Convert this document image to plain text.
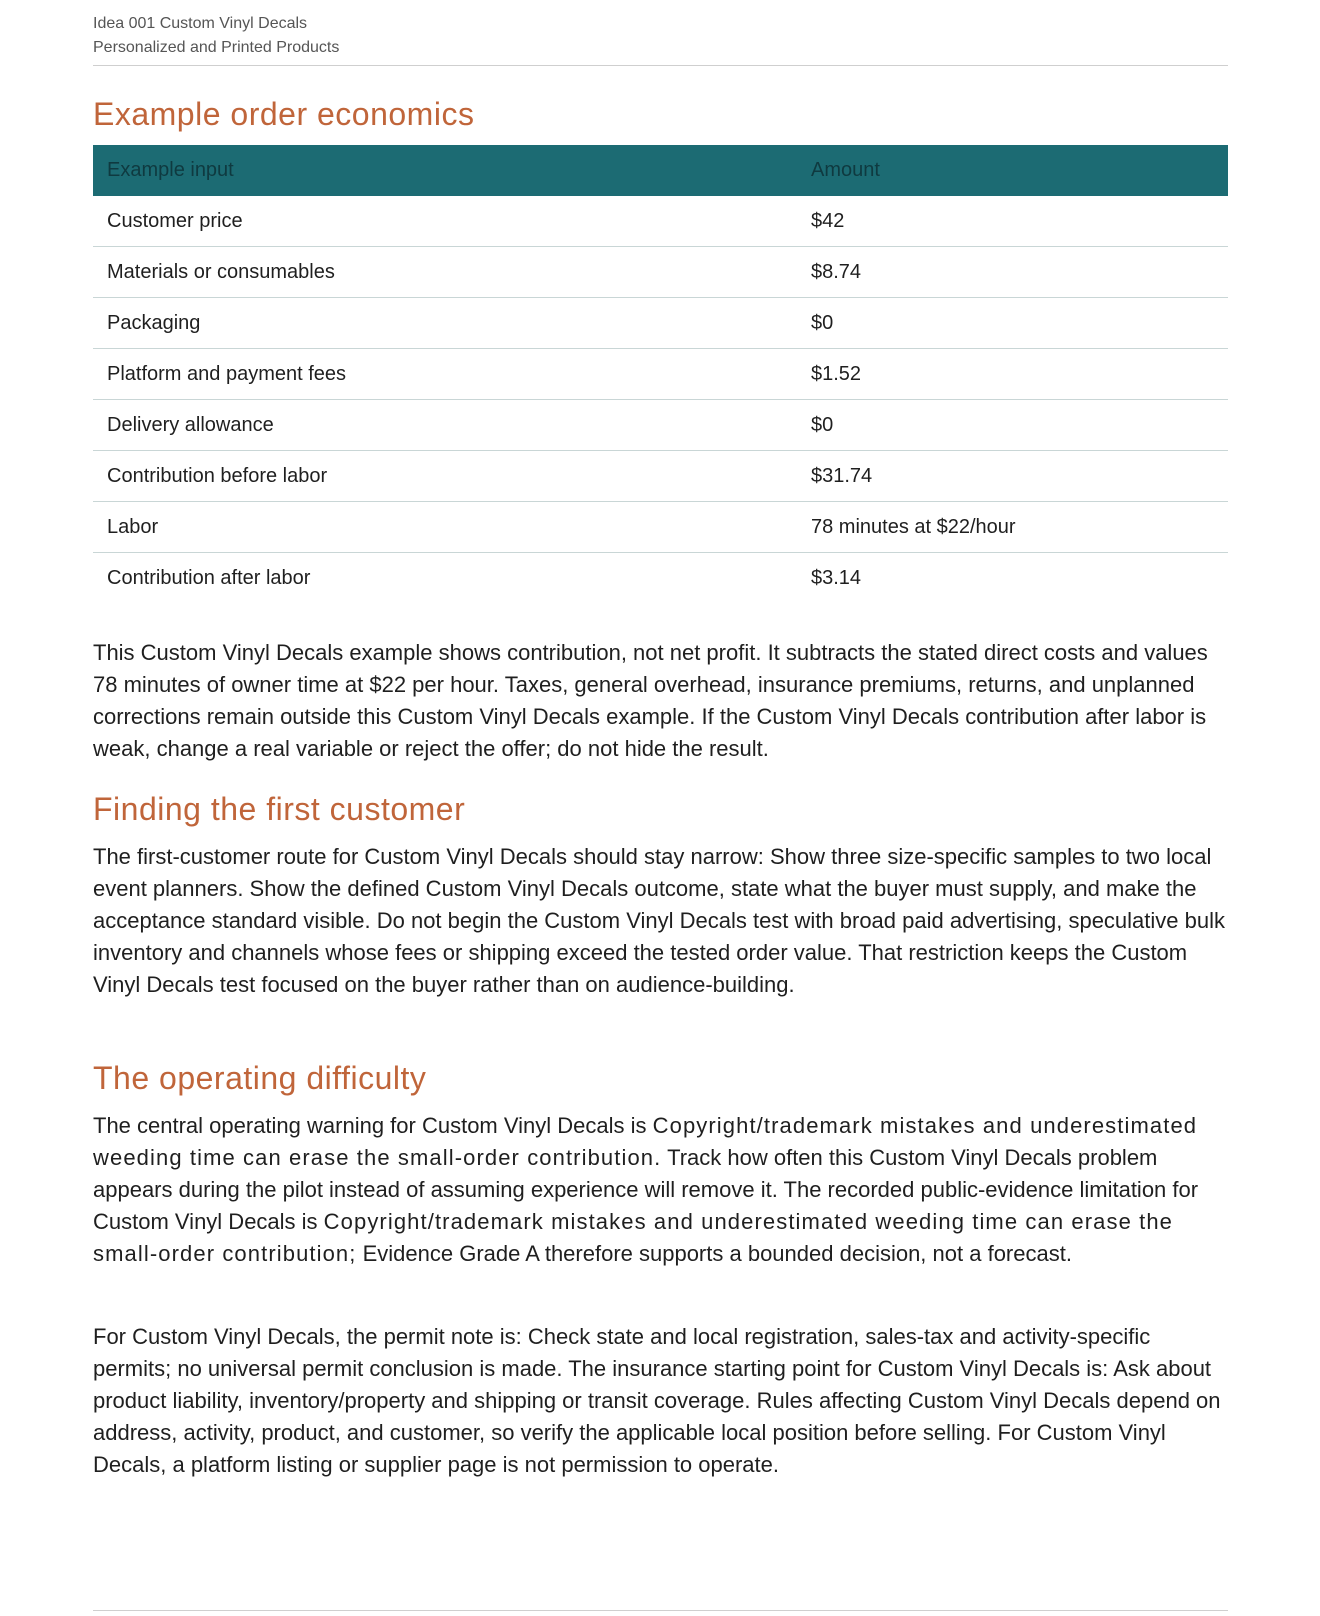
Idea 001 Custom Vinyl Decals
Personalized and Printed Products
Example order economics
Example input	Amount
Customer price	$42
Materials or consumables	$8.74
Packaging	$0
Platform and payment fees	$1.52
Delivery allowance	$0
Contribution before labor	$31.74
Labor	78 minutes at $22/hour
Contribution after labor	$3.14

This Custom Vinyl Decals example shows contribution, not net profit. It subtracts the stated direct costs and values 78 minutes of owner time at $22 per hour. Taxes, general overhead, insurance premiums, returns, and unplanned corrections remain outside this Custom Vinyl Decals example. If the Custom Vinyl Decals contribution after labor is weak, change a real variable or reject the offer; do not hide the result.

Finding the first customer

The first-customer route for Custom Vinyl Decals should stay narrow: Show three size-specific samples to two local event planners. Show the defined Custom Vinyl Decals outcome, state what the buyer must supply, and make the acceptance standard visible. Do not begin the Custom Vinyl Decals test with broad paid advertising, speculative bulk inventory and channels whose fees or shipping exceed the tested order value. That restriction keeps the Custom Vinyl Decals test focused on the buyer rather than on audience-building.

The operating difficulty

The central operating warning for Custom Vinyl Decals is Copyright/trademark mistakes and underestimated weeding time can erase the small-order contribution. Track how often this Custom Vinyl Decals problem appears during the pilot instead of assuming experience will remove it. The recorded public-evidence limitation for Custom Vinyl Decals is Copyright/trademark mistakes and underestimated weeding time can erase the small-order contribution; Evidence Grade A therefore supports a bounded decision, not a forecast.

For Custom Vinyl Decals, the permit note is: Check state and local registration, sales-tax and activity-specific permits; no universal permit conclusion is made. The insurance starting point for Custom Vinyl Decals is: Ask about product liability, inventory/property and shipping or transit coverage. Rules affecting Custom Vinyl Decals depend on address, activity, product, and customer, so verify the applicable local position before selling. For Custom Vinyl Decals, a platform listing or supplier page is not permission to operate.
